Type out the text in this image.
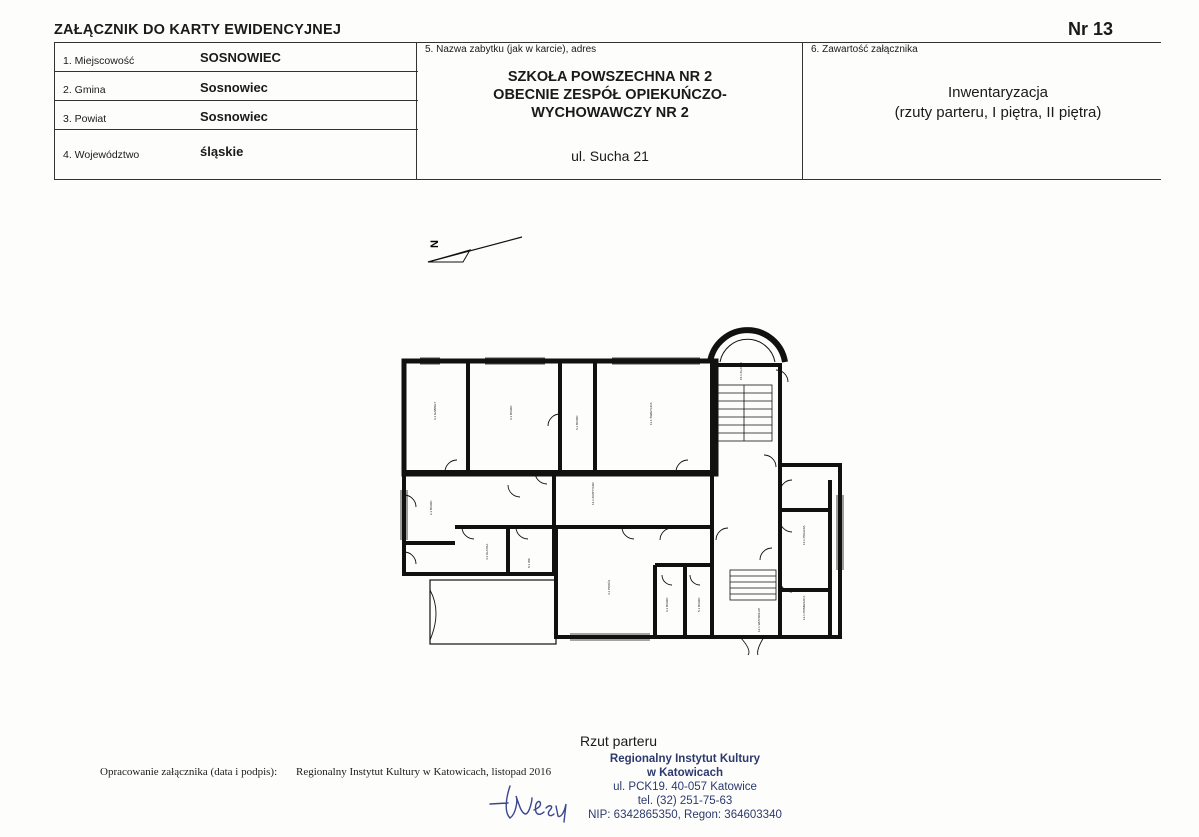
ZAŁĄCZNIK DO KARTY EWIDENCYJNEJ	Nr 13
1. Miejscowość	SOSNOWIEC
2. Gmina	Sosnowiec
3. Powiat	Sosnowiec
4. Województwo	śląskie
5. Nazwa zabytku (jak w karcie), adres
SZKOŁA POWSZECHNA NR 2
OBECNIE ZESPÓŁ OPIEKUŃCZO-
WYCHOWAWCZY NR 2
ul. Sucha 21
6. Zawartość załącznika
Inwentaryzacja
(rzuty parteru, I piętra, II piętra)
N
6.1 GABINET	6.1 BIURO
6.1 BIURO	11.1 ŚWIETLICA
2.1 BIURO
12.1 KORYTARZ
4.1 KLATKA
4.1 POKÓJ
6.1 BIURO	5.1 BIURO
13.1 PRALNIA
13.1 POMIESZCZ.
12.1 WIATROŁAP
8.1 WC
15.1 KLATKA
Rzut parteru
Opracowanie załącznika (data i podpis): Regionalny Instytut Kultury w Katowicach, listopad 2016
Regionalny Instytut Kultury
w Katowicach
ul. PCK19. 40-057 Katowice
tel. (32) 251-75-63
NIP: 6342865350, Regon: 364603340
